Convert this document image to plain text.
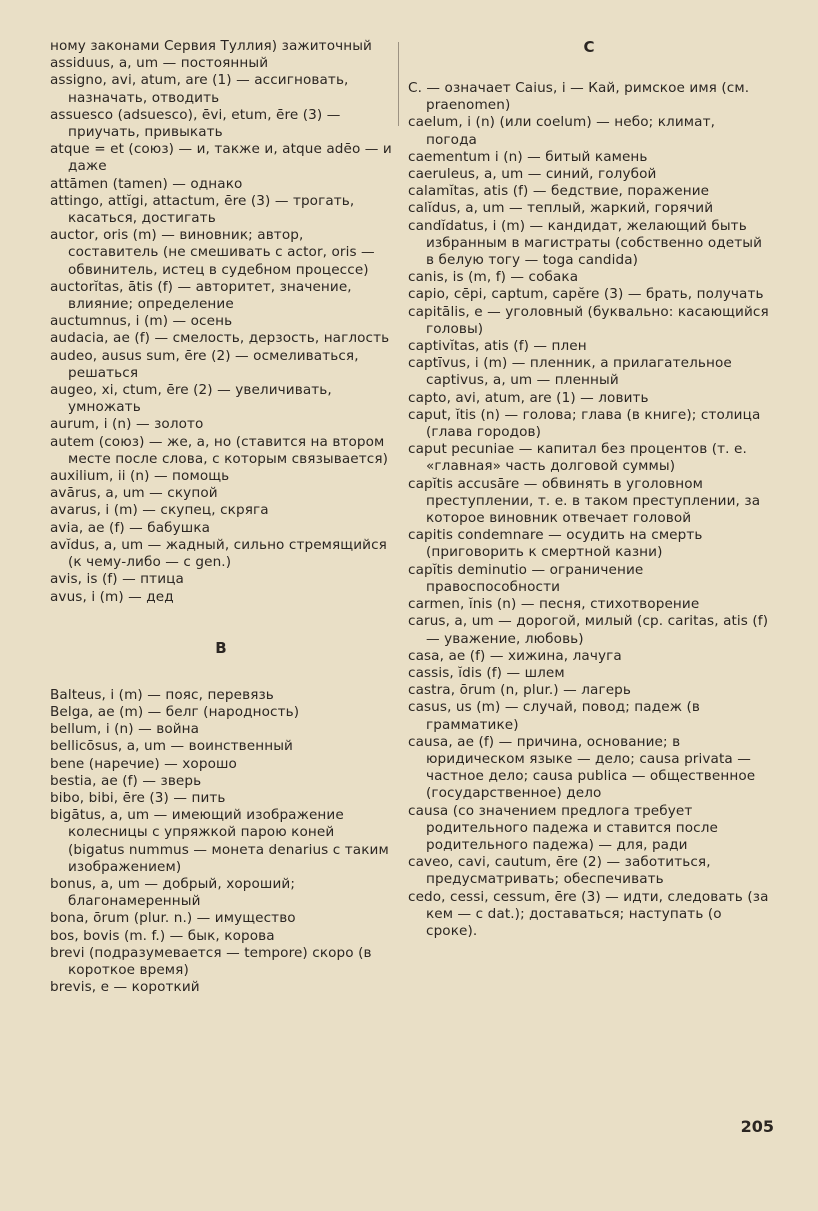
ному законами Сервия Туллия) зажиточный

assiduus, a, um — постоянный

assigno, avi, atum, are (1) — ассигновать, назначать, отводить

assuesco (adsuesco), ēvi, etum, ēre (3) — приучать, привыкать

atque = et (союз) — и, также и, atque adēo — и даже

attāmen (tamen) — однако

attingo, attĭgi, attactum, ēre (3) — трогать, касаться, достигать

auctor, oris (m) — виновник; автор, составитель (не смешивать с actor, oris — обвинитель, истец в судебном процессе)

auctorĭtas, ātis (f) — авторитет, значение, влияние; определение

auctumnus, i (m) — осень

audacia, ae (f) — смелость, дерзость, наглость

audeo, ausus sum, ēre (2) — осмеливаться, решаться

augeo, xi, ctum, ēre (2) — увеличивать, умножать

aurum, i (n) — золото

autem (союз) — же, а, но (ставится на втором месте после слова, с которым связывается)

auxilium, ii (n) — помощь

avārus, a, um — скупой

avarus, i (m) — скупец, скряга

avia, ae (f) — бабушка

avĭdus, a, um — жадный, сильно стремящийся (к чему-либо — с gen.)

avis, is (f) — птица

avus, i (m) — дед

B

Balteus, i (m) — пояс, перевязь

Belga, ae (m) — белг (народность)

bellum, i (n) — война

bellicōsus, a, um — воинственный

bene (наречие) — хорошо

bestia, ae (f) — зверь

bibo, bibi, ēre (3) — пить

bigātus, a, um — имеющий изображение колесницы с упряжкой парою коней (bigatus nummus — монета denarius с таким изображением)

bonus, a, um — добрый, хороший; благонамеренный

bona, ōrum (plur. n.) — имущество

bos, bovis (m. f.) — бык, корова

brevi (подразумевается — tempore) скоро (в короткое время)

brevis, e — короткий

C

C. — означает Caius, i — Кай, римское имя (см. praenomen)

caelum, i (n) (или coelum) — небо; климат, погода

caementum i (n) — битый камень

caeruleus, a, um — синий, голубой

calamĭtas, atis (f) — бедствие, поражение

calĭdus, a, um — теплый, жаркий, горячий

candĭdatus, i (m) — кандидат, желающий быть избранным в магистраты (собственно одетый в белую тогу — toga candida)

canis, is (m, f) — собака

capio, cēpi, captum, capĕre (3) — брать, получать

capitālis, e — уголовный (буквально: касающийся головы)

captivĭtas, atis (f) — плен

captīvus, i (m) — пленник, а прилагательное captivus, a, um — пленный

capto, avi, atum, are (1) — ловить

caput, ĭtis (n) — голова; глава (в книге); столица (глава городов)

caput pecuniae — капитал без процентов (т. е. «главная» часть долговой суммы)

capĭtis accusāre — обвинять в уголовном преступлении, т. е. в таком преступлении, за которое виновник отвечает головой

capitis condemnare — осудить на смерть (приговорить к смертной казни)

capĭtis deminutio — ограничение правоспособности

carmen, ĭnis (n) — песня, стихотворение

carus, a, um — дорогой, милый (ср. caritas, atis (f) — уважение, любовь)

casa, ae (f) — хижина, лачуга

cassis, ĭdis (f) — шлем

castra, ōrum (n, plur.) — лагерь

casus, us (m) — случай, повод; падеж (в грамматике)

causa, ae (f) — причина, основание; в юридическом языке — дело; causa privata — частное дело; causa publica — общественное (государственное) дело

causa (со значением предлога требует родительного падежа и ставится после родительного падежа) — для, ради

caveo, cavi, cautum, ēre (2) — заботиться, предусматривать; обеспечивать

cedo, cessi, cessum, ēre (3) — идти, следовать (за кем — с dat.); доставаться; наступать (о сроке).

205
